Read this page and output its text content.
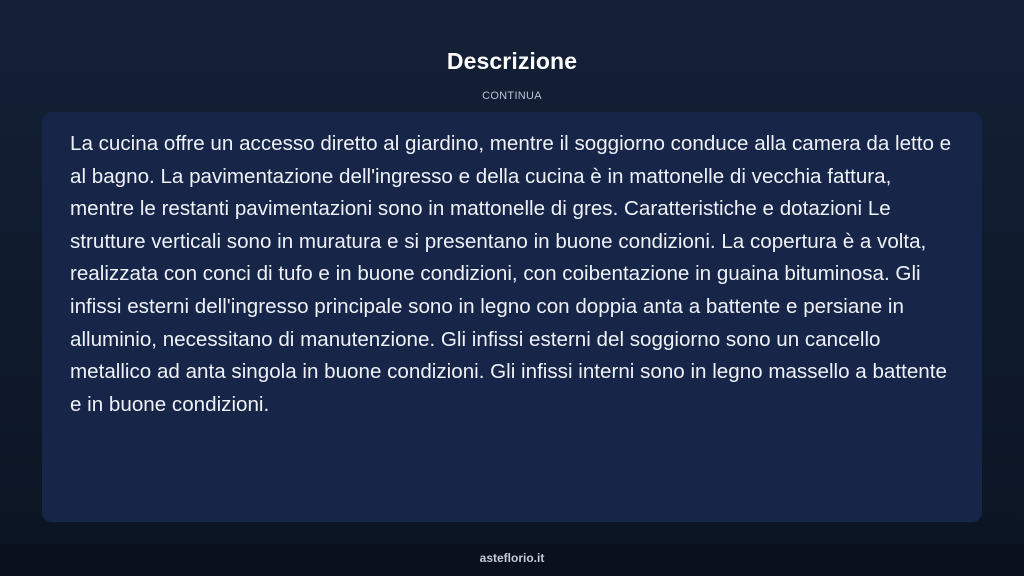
Descrizione
CONTINUA

La cucina offre un accesso diretto al giardino, mentre il soggiorno conduce alla camera da letto e al bagno. La pavimentazione dell'ingresso e della cucina è in mattonelle di vecchia fattura, mentre le restanti pavimentazioni sono in mattonelle di gres. Caratteristiche e dotazioni Le strutture verticali sono in muratura e si presentano in buone condizioni. La copertura è a volta, realizzata con conci di tufo e in buone condizioni, con coibentazione in guaina bituminosa. Gli infissi esterni dell'ingresso principale sono in legno con doppia anta a battente e persiane in alluminio, necessitano di manutenzione. Gli infissi esterni del soggiorno sono un cancello metallico ad anta singola in buone condizioni. Gli infissi interni sono in legno massello a battente e in buone condizioni.

asteflorio.it
